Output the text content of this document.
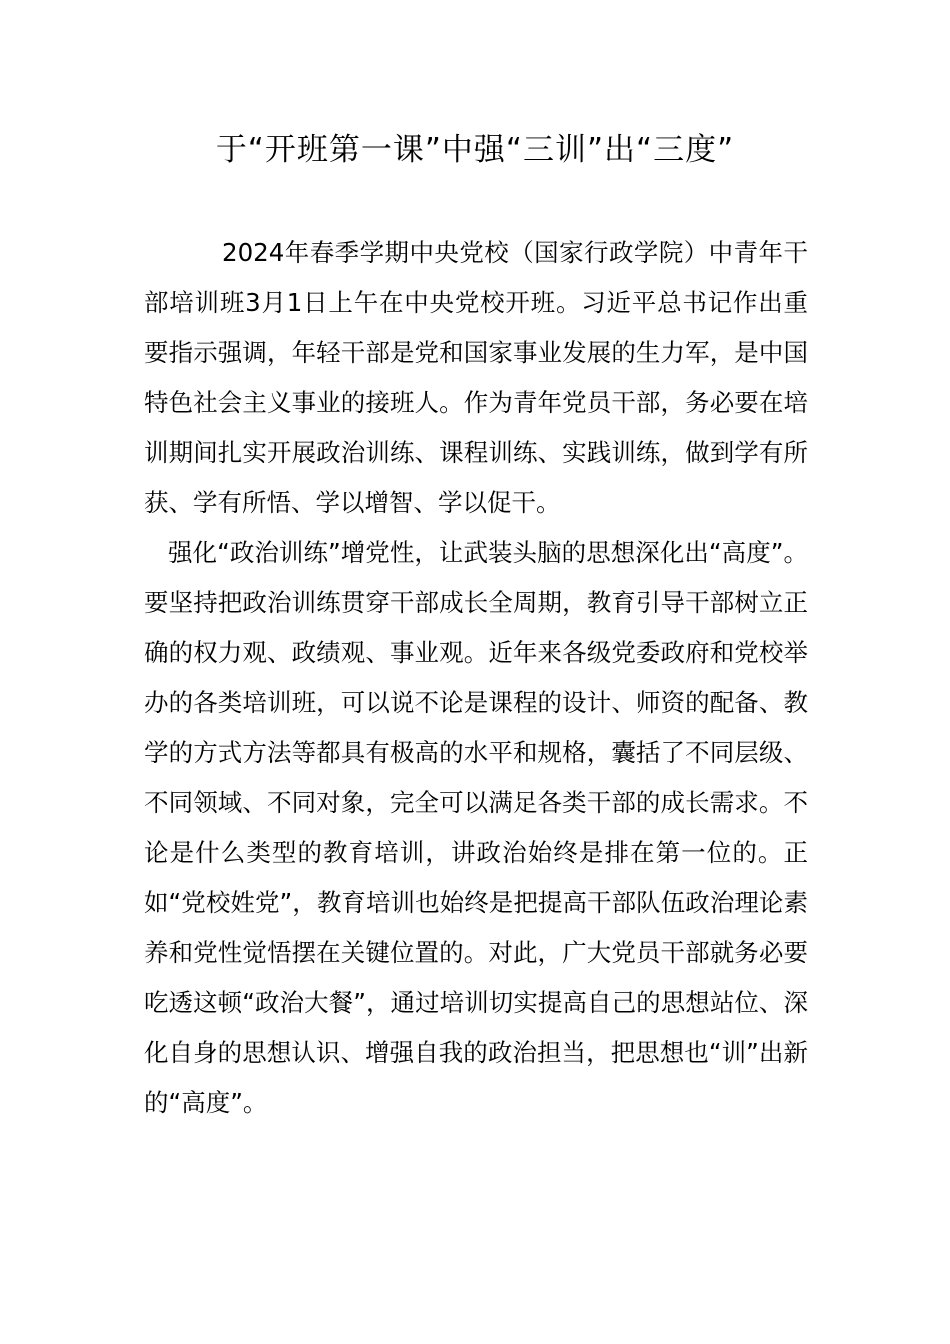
于“开班第一课”中强“三训”出“三度”

2024年春季学期中央党校（国家行政学院）中青年干部培训班3月1日上午在中央党校开班。习近平总书记作出重要指示强调，年轻干部是党和国家事业发展的生力军，是中国特色社会主义事业的接班人。作为青年党员干部，务必要在培训期间扎实开展政治训练、课程训练、实践训练，做到学有所获、学有所悟、学以增智、学以促干。

强化“政治训练”增党性，让武装头脑的思想深化出“高度”。要坚持把政治训练贯穿干部成长全周期，教育引导干部树立正确的权力观、政绩观、事业观。近年来各级党委政府和党校举办的各类培训班，可以说不论是课程的设计、师资的配备、教学的方式方法等都具有极高的水平和规格，囊括了不同层级、不同领域、不同对象，完全可以满足各类干部的成长需求。不论是什么类型的教育培训，讲政治始终是排在第一位的。正如“党校姓党”，教育培训也始终是把提高干部队伍政治理论素养和党性觉悟摆在关键位置的。对此，广大党员干部就务必要吃透这顿“政治大餐”，通过培训切实提高自己的思想站位、深化自身的思想认识、增强自我的政治担当，把思想也“训”出新的“高度”。
